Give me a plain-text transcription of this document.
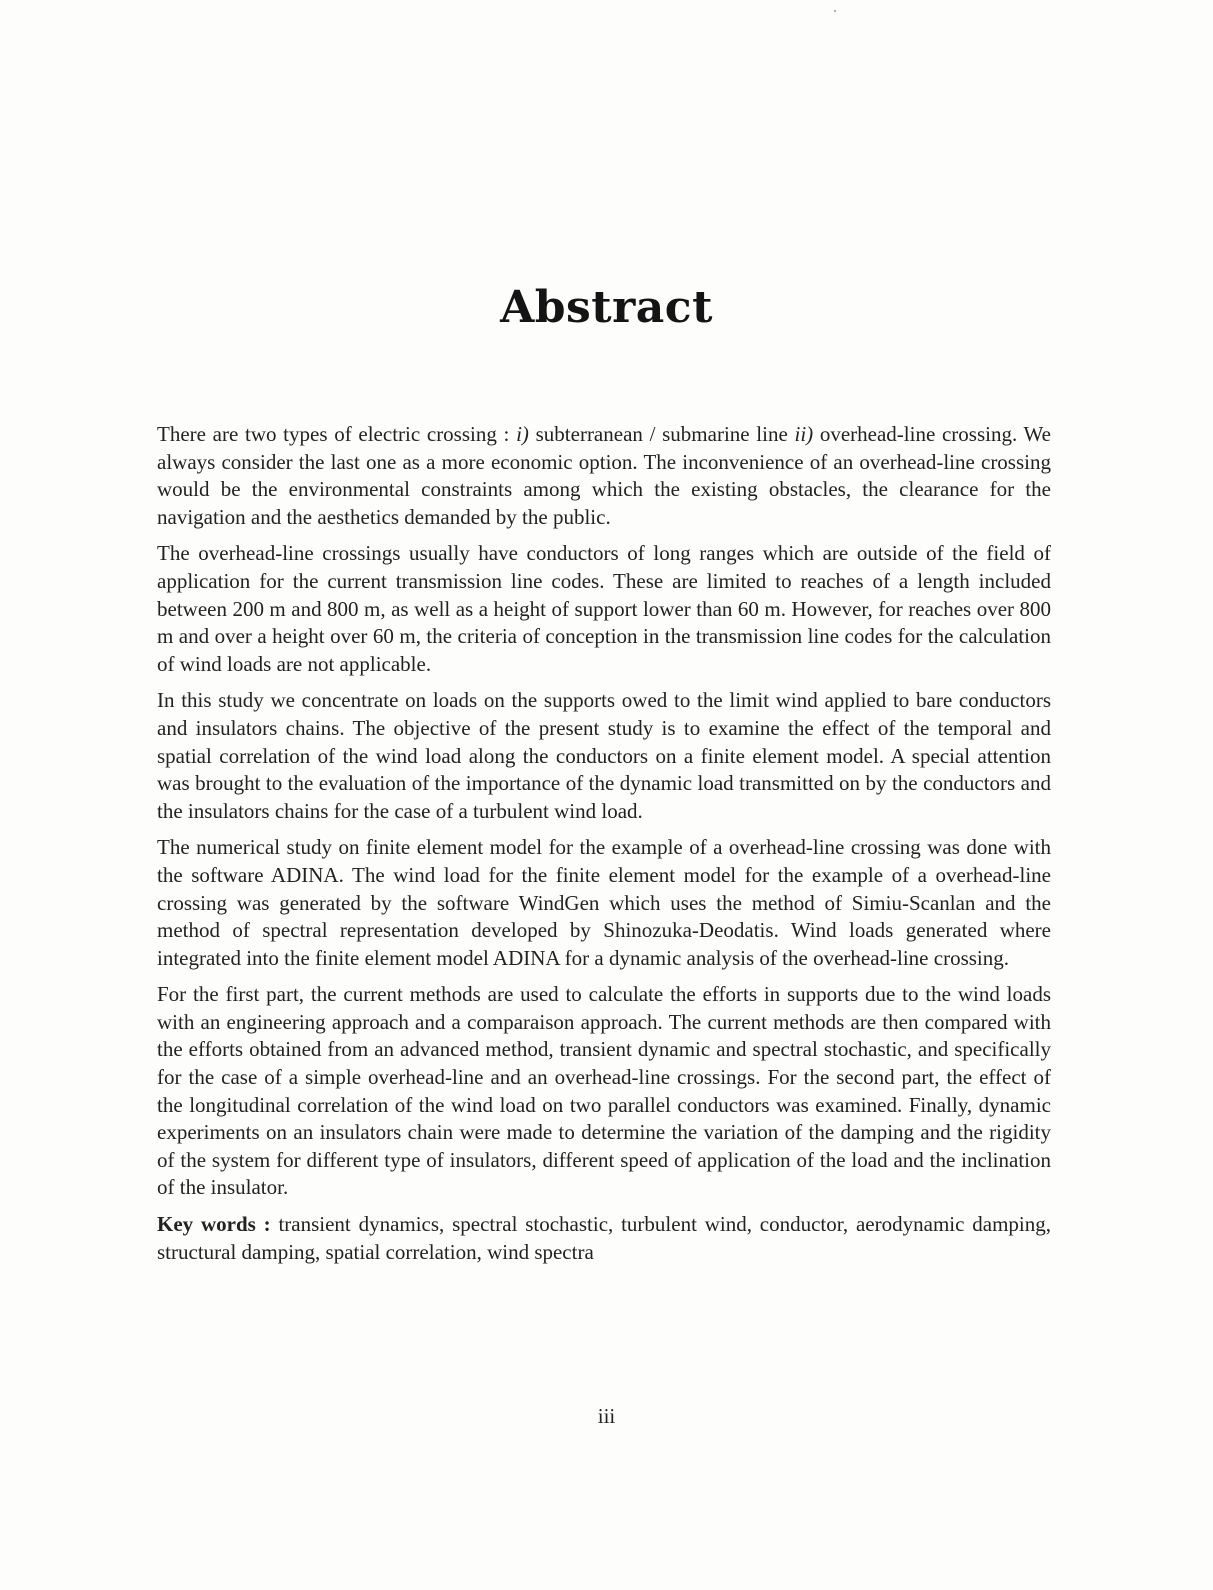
Abstract

There are two types of electric crossing : i) subterranean / submarine line ii) overhead-line crossing. We always consider the last one as a more economic option. The inconvenience of an overhead-line crossing would be the environmental constraints among which the existing obstacles, the clearance for the navigation and the aesthetics demanded by the public.

The overhead-line crossings usually have conductors of long ranges which are outside of the field of application for the current transmission line codes. These are limited to reaches of a length included between 200 m and 800 m, as well as a height of support lower than 60 m. However, for reaches over 800 m and over a height over 60 m, the criteria of conception in the transmission line codes for the calculation of wind loads are not applicable.

In this study we concentrate on loads on the supports owed to the limit wind applied to bare conductors and insulators chains. The objective of the present study is to examine the effect of the temporal and spatial correlation of the wind load along the conductors on a finite element model. A special attention was brought to the evaluation of the importance of the dynamic load transmitted on by the conductors and the insulators chains for the case of a turbulent wind load.

The numerical study on finite element model for the example of a overhead-line crossing was done with the software ADINA. The wind load for the finite element model for the example of a overhead-line crossing was generated by the software WindGen which uses the method of Simiu-Scanlan and the method of spectral representation developed by Shinozuka-Deodatis. Wind loads generated where integrated into the finite element model ADINA for a dynamic analysis of the overhead-line crossing.

For the first part, the current methods are used to calculate the efforts in supports due to the wind loads with an engineering approach and a comparaison approach. The current methods are then compared with the efforts obtained from an advanced method, transient dynamic and spectral stochastic, and specifically for the case of a simple overhead-line and an overhead-line crossings. For the second part, the effect of the longitudinal correlation of the wind load on two parallel conductors was examined. Finally, dynamic experiments on an insulators chain were made to determine the variation of the damping and the rigidity of the system for different type of insulators, different speed of application of the load and the inclination of the insulator.

Key words : transient dynamics, spectral stochastic, turbulent wind, conductor, aerodynamic damping, structural damping, spatial correlation, wind spectra

iii
